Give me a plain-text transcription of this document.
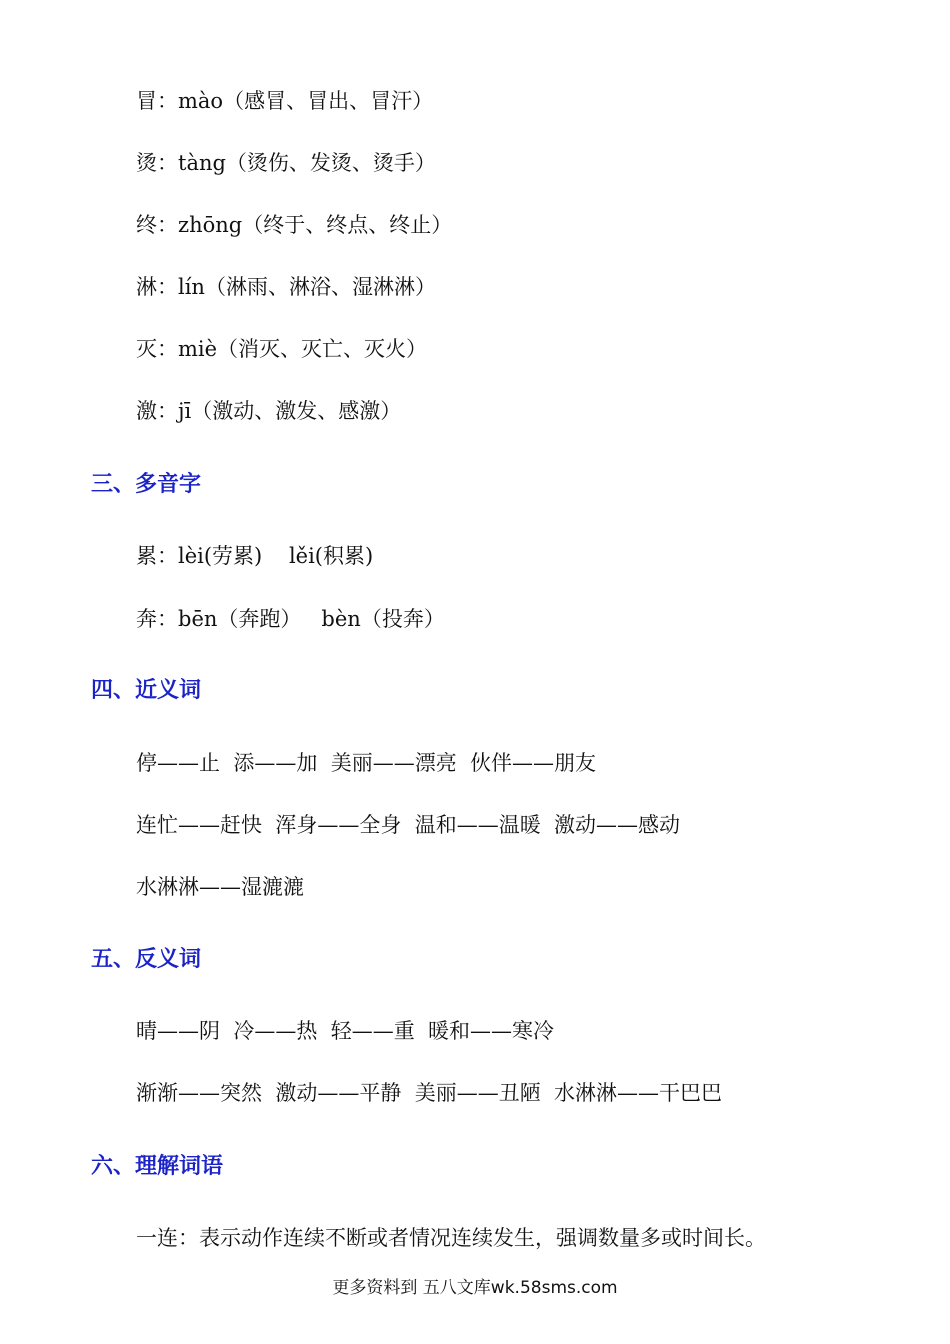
冒：mào（感冒、冒出、冒汗）
烫：tàng（烫伤、发烫、烫手）
终：zhōng（终于、终点、终止）
淋：lín（淋雨、淋浴、湿淋淋）
灭：miè（消灭、灭亡、灭火）
激：jī（激动、激发、感激）
三、多音字
累：lèi(劳累)    lěi(积累)
奔：bēn（奔跑）   bèn（投奔）
四、近义词
停——止  添——加  美丽——漂亮  伙伴——朋友
连忙——赶快  浑身——全身  温和——温暖  激动——感动
水淋淋——湿漉漉
五、反义词
晴——阴  冷——热  轻——重  暖和——寒冷
渐渐——突然  激动——平静  美丽——丑陋  水淋淋——干巴巴
六、理解词语
一连：表示动作连续不断或者情况连续发生，强调数量多或时间长。
更多资料到 五八文库wk.58sms.com
